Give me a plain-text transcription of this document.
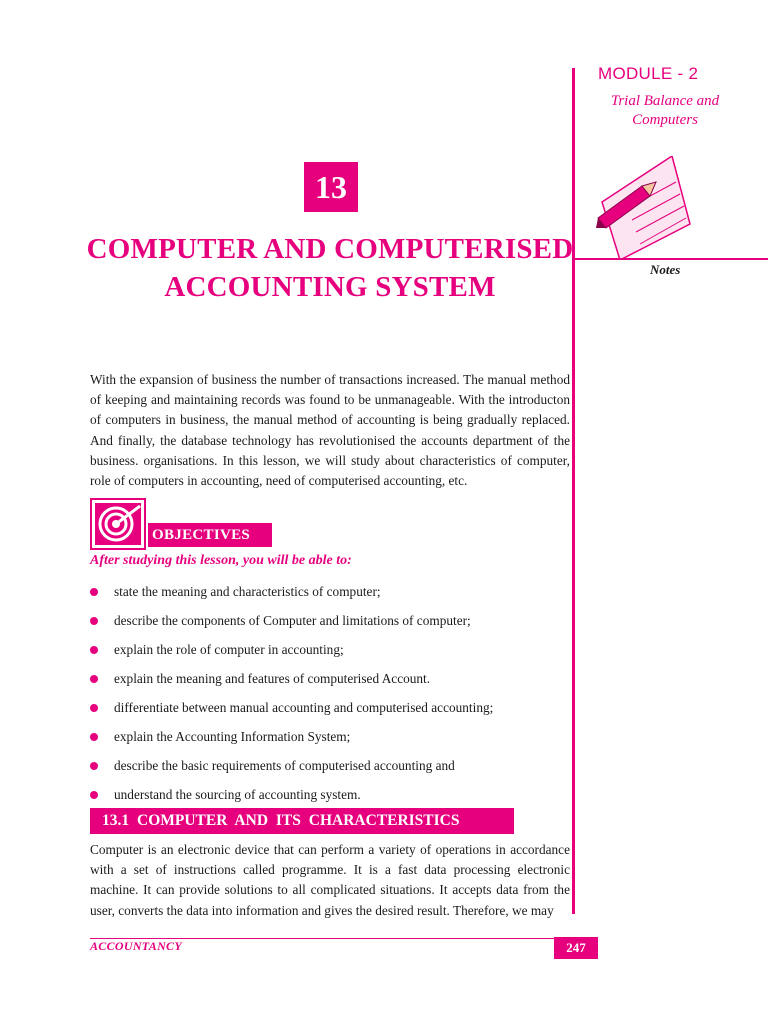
MODULE - 2
Trial Balance and
Computers
Notes
13
COMPUTER AND COMPUTERISED
ACCOUNTING SYSTEM
With the expansion of business the number of transactions increased. The manual method of keeping and maintaining records was found to be unmanageable. With the introducton of computers in business, the manual method of accounting is being gradually replaced. And finally, the database technology has revolutionised the accounts department of the business. organisations. In this lesson, we will study about characteristics of computer, role of computers in accounting, need of computerised accounting, etc.
OBJECTIVES
After studying this lesson, you will be able to:
state the meaning and characteristics of computer;
describe the components of Computer and limitations of computer;
explain the role of computer in accounting;
explain the meaning and features of computerised Account.
differentiate between manual accounting and computerised accounting;
explain the Accounting Information System;
describe the basic requirements of computerised accounting and
understand the sourcing of accounting system.
13.1 COMPUTER AND ITS CHARACTERISTICS
Computer is an electronic device that can perform a variety of operations in accordance with a set of instructions called programme. It is a fast data processing electronic machine. It can provide solutions to all complicated situations. It accepts data from the user, converts the data into information and gives the desired result. Therefore, we may
ACCOUNTANCY	247
